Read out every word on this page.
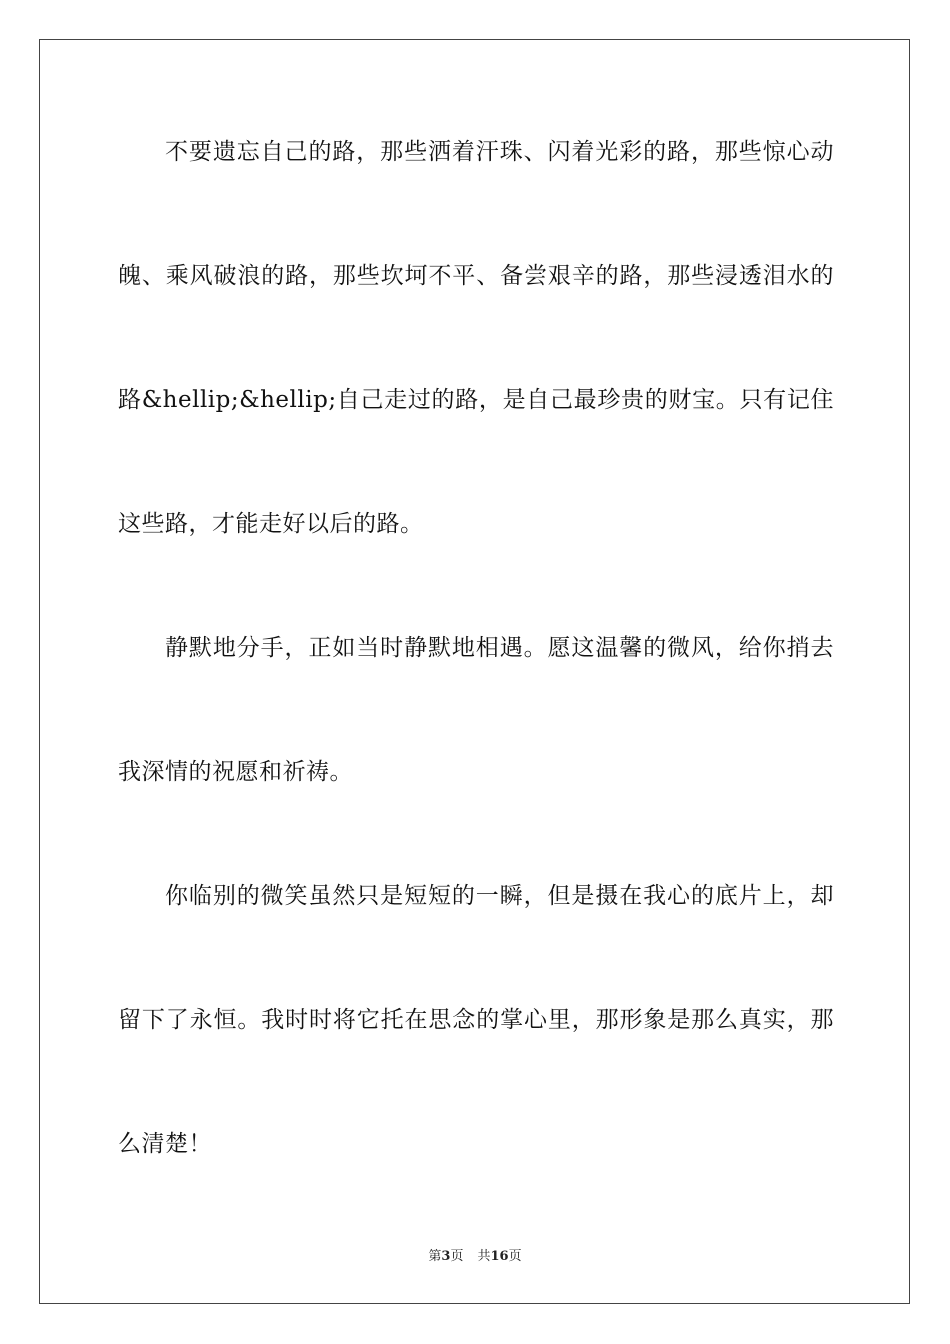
不要遗忘自己的路，那些洒着汗珠、闪着光彩的路，那些惊心动
魄、乘风破浪的路，那些坎坷不平、备尝艰辛的路，那些浸透泪水的
路&hellip;&hellip;自己走过的路，是自己最珍贵的财宝。只有记住
这些路，才能走好以后的路。
静默地分手，正如当时静默地相遇。愿这温馨的微风，给你捎去
我深情的祝愿和祈祷。
你临别的微笑虽然只是短短的一瞬，但是摄在我心的底片上，却
留下了永恒。我时时将它托在思念的掌心里，那形象是那么真实，那
么清楚！
第3页 共16页
